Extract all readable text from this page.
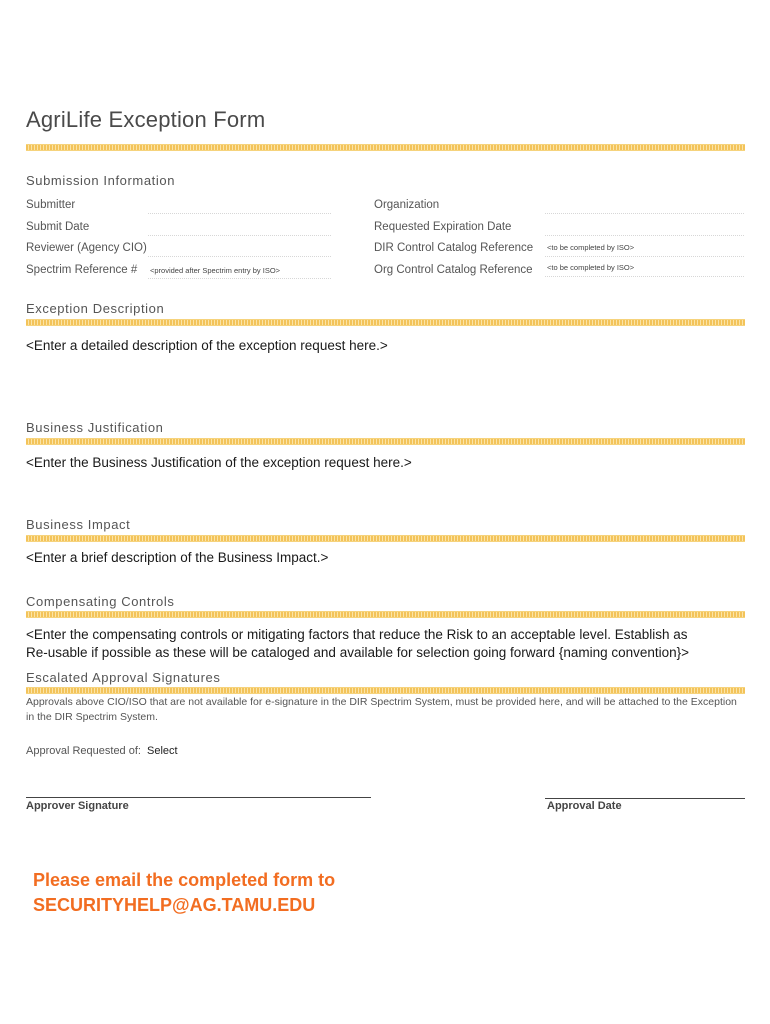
AgriLife Exception Form
Submission Information
Submitter
Submit Date
Reviewer (Agency CIO)
Spectrim Reference # <provided after Spectrim entry by ISO>
Organization
Requested Expiration Date
DIR Control Catalog Reference <to be completed by ISO>
Org Control Catalog Reference <to be completed by ISO>
Exception Description
<Enter a detailed description of the exception request here.>
Business Justification
<Enter the Business Justification of the exception request here.>
Business Impact
<Enter a brief description of the Business Impact.>
Compensating Controls
<Enter the compensating controls or mitigating factors that reduce the Risk to an acceptable level. Establish as
Re-usable if possible as these will be cataloged and available for selection going forward {naming convention}>
Escalated Approval Signatures
Approvals above CIO/ISO that are not available for e-signature in the DIR Spectrim System, must be provided here, and will be attached to the Exception in the DIR Spectrim System.
Approval Requested of: Select
Approver Signature	Approval Date
Please email the completed form to
SECURITYHELP@AG.TAMU.EDU
